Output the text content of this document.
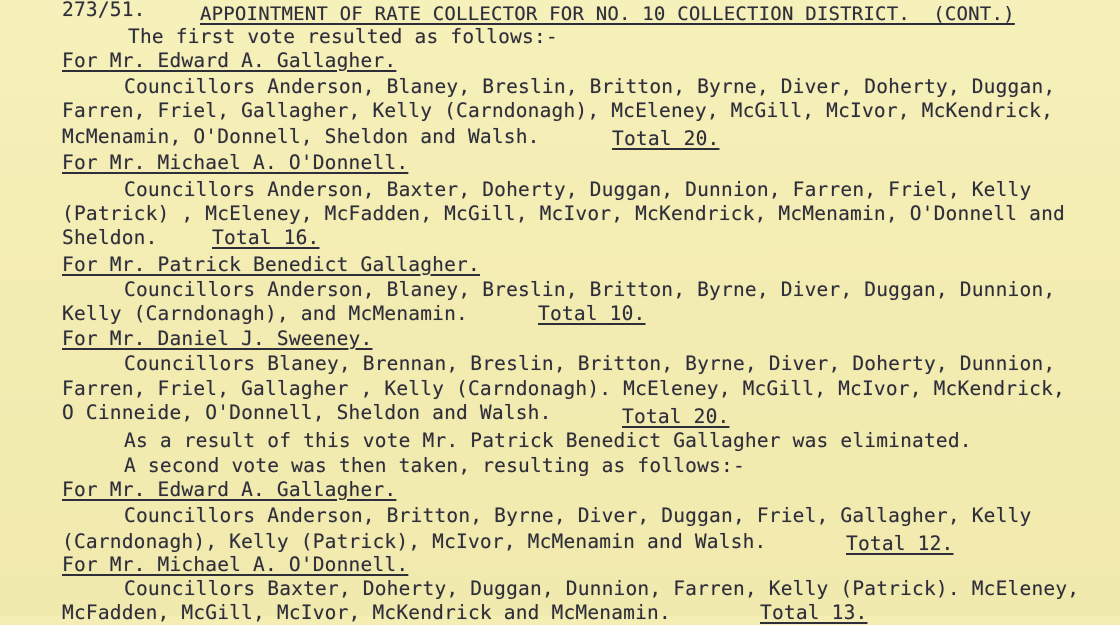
273/51.	APPOINTMENT OF RATE COLLECTOR FOR NO. 10 COLLECTION DISTRICT.  (CONT.)
The first vote resulted as follows:-
For Mr. Edward A. Gallagher.
Councillors Anderson, Blaney, Breslin, Britton, Byrne, Diver, Doherty, Duggan,
Farren, Friel, Gallagher, Kelly (Carndonagh), McEleney, McGill, McIvor, McKendrick,
McMenamin, O'Donnell, Sheldon and Walsh.	Total 20.
For Mr. Michael A. O'Donnell.
Councillors Anderson, Baxter, Doherty, Duggan, Dunnion, Farren, Friel, Kelly
(Patrick) , McEleney, McFadden, McGill, McIvor, McKendrick, McMenamin, O'Donnell and
Sheldon.	Total 16.
For Mr. Patrick Benedict Gallagher.
Councillors Anderson, Blaney, Breslin, Britton, Byrne, Diver, Duggan, Dunnion,
Kelly (Carndonagh), and McMenamin.	Total 10.
For Mr. Daniel J. Sweeney.
Councillors Blaney, Brennan, Breslin, Britton, Byrne, Diver, Doherty, Dunnion,
Farren, Friel, Gallagher , Kelly (Carndonagh). McEleney, McGill, McIvor, McKendrick,
O Cinneide, O'Donnell, Sheldon and Walsh.	Total 20.
As a result of this vote Mr. Patrick Benedict Gallagher was eliminated.
A second vote was then taken, resulting as follows:-
For Mr. Edward A. Gallagher.
Councillors Anderson, Britton, Byrne, Diver, Duggan, Friel, Gallagher, Kelly
(Carndonagh), Kelly (Patrick), McIvor, McMenamin and Walsh.	Total 12.
For Mr. Michael A. O'Donnell.
Councillors Baxter, Doherty, Duggan, Dunnion, Farren, Kelly (Patrick). McEleney,
McFadden, McGill, McIvor, McKendrick and McMenamin.	Total 13.
